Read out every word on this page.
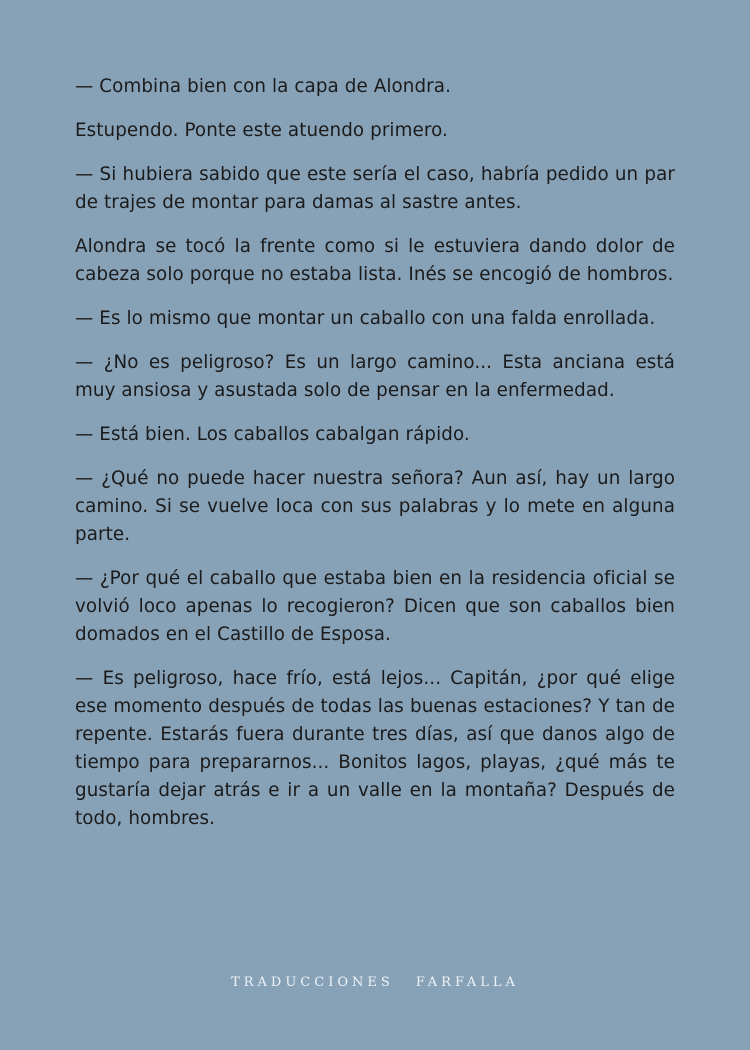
— Combina bien con la capa de Alondra.

Estupendo. Ponte este atuendo primero.

— Si hubiera sabido que este sería el caso, habría pedido un par de trajes de montar para damas al sastre antes.

Alondra se tocó la frente como si le estuviera dando dolor de cabeza solo porque no estaba lista. Inés se encogió de hombros.

— Es lo mismo que montar un caballo con una falda enrollada.

— ¿No es peligroso? Es un largo camino... Esta anciana está muy ansiosa y asustada solo de pensar en la enfermedad.

— Está bien. Los caballos cabalgan rápido.

— ¿Qué no puede hacer nuestra señora? Aun así, hay un largo camino. Si se vuelve loca con sus palabras y lo mete en alguna parte.

— ¿Por qué el caballo que estaba bien en la residencia oficial se volvió loco apenas lo recogieron? Dicen que son caballos bien domados en el Castillo de Esposa.

— Es peligroso, hace frío, está lejos... Capitán, ¿por qué elige ese momento después de todas las buenas estaciones? Y tan de repente. Estarás fuera durante tres días, así que danos algo de tiempo para prepararnos... Bonitos lagos, playas, ¿qué más te gustaría dejar atrás e ir a un valle en la montaña? Después de todo, hombres.

TRADUCCIONES FARFALLA
